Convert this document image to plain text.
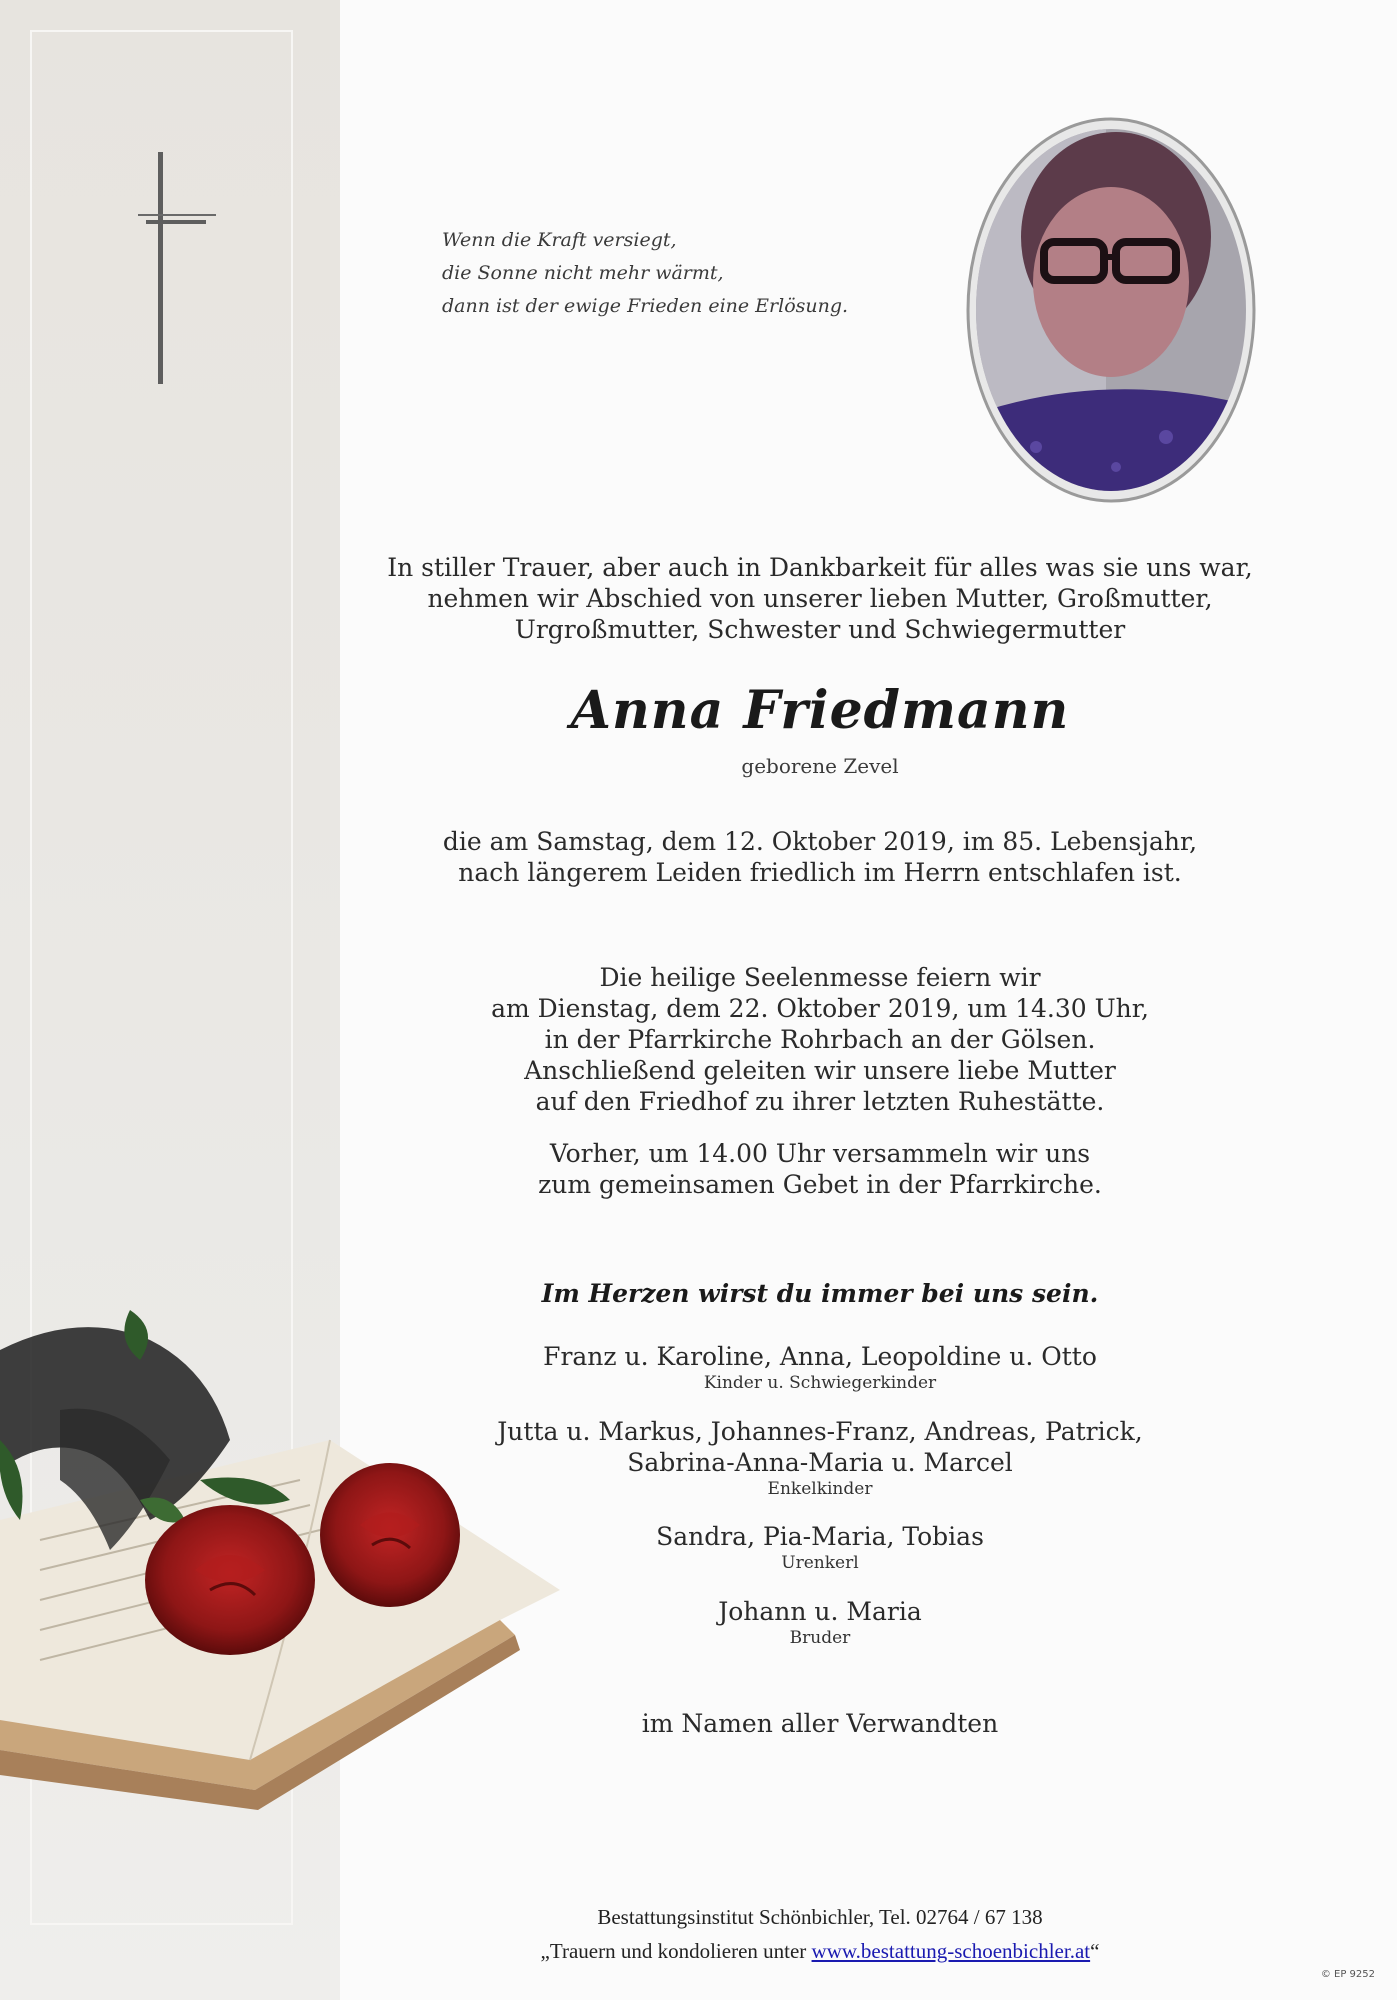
Wenn die Kraft versiegt,
die Sonne nicht mehr wärmt,
dann ist der ewige Frieden eine Erlösung.
In stiller Trauer, aber auch in Dankbarkeit für alles was sie uns war,
nehmen wir Abschied von unserer lieben Mutter, Großmutter,
Urgroßmutter, Schwester und Schwiegermutter
Anna Friedmann
geborene Zevel
die am Samstag, dem 12. Oktober 2019, im 85. Lebensjahr,
nach längerem Leiden friedlich im Herrn entschlafen ist.
Die heilige Seelenmesse feiern wir
am Dienstag, dem 22. Oktober 2019, um 14.30 Uhr,
in der Pfarrkirche Rohrbach an der Gölsen.
Anschließend geleiten wir unsere liebe Mutter
auf den Friedhof zu ihrer letzten Ruhestätte.
Vorher, um 14.00 Uhr versammeln wir uns
zum gemeinsamen Gebet in der Pfarrkirche.
Im Herzen wirst du immer bei uns sein.
Franz u. Karoline, Anna, Leopoldine u. Otto
Kinder u. Schwiegerkinder
Jutta u. Markus, Johannes-Franz, Andreas, Patrick,
Sabrina-Anna-Maria u. Marcel
Enkelkinder
Sandra, Pia-Maria, Tobias
Urenkerl
Johann u. Maria
Bruder
im Namen aller Verwandten
Bestattungsinstitut Schönbichler, Tel. 02764 / 67 138
„Trauern und kondolieren unter www.bestattung-schoenbichler.at“
© EP 9252
